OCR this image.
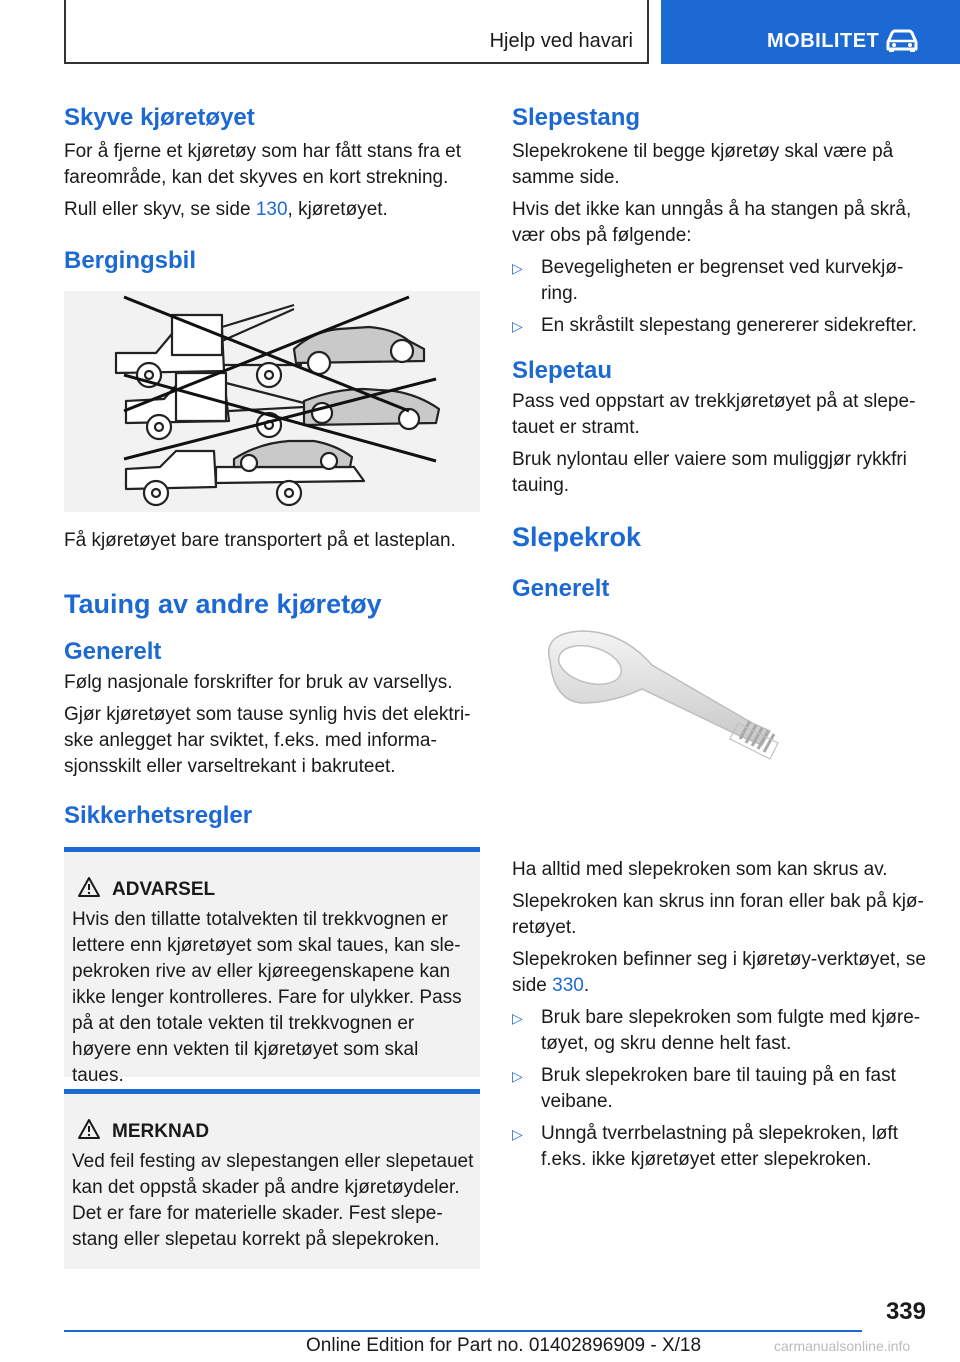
Hjelp ved havari	MOBILITET
Skyve kjøretøyet

For å fjerne et kjøretøy som har fått stans fra et fareområde, kan det skyves en kort strekning.

Rull eller skyv, se side 130, kjøretøyet.

Bergingsbil

Få kjøretøyet bare transportert på et lasteplan.

Tauing av andre kjøretøy
Generelt

Følg nasjonale forskrifter for bruk av varsellys.

Gjør kjøretøyet som tause synlig hvis det elektriske anlegget har sviktet, f.eks. med informasjonsskilt eller varseltrekant i bakruteet.

Sikkerhetsregler
ADVARSEL

Hvis den tillatte totalvekten til trekkvognen er lettere enn kjøretøyet som skal taues, kan slepekroken rive av eller kjøreegenskapene kan ikke lenger kontrolleres. Fare for ulykker. Pass på at den totale vekten til trekkvognen er høyere enn vekten til kjøretøyet som skal taues.

MERKNAD

Ved feil festing av slepestangen eller slepetauet kan det oppstå skader på andre kjøretøydeler. Det er fare for materielle skader. Fest slepestang eller slepetau korrekt på slepekroken.

Slepestang

Slepekrokene til begge kjøretøy skal være på samme side.

Hvis det ikke kan unngås å ha stangen på skrå, vær obs på følgende:

▷ Bevegeligheten er begrenset ved kurvekjøring.
▷ En skråstilt slepestang genererer sidekrefter.
Slepetau

Pass ved oppstart av trekkjøretøyet på at slepetauet er stramt.

Bruk nylontau eller vaiere som muliggjør rykkfri tauing.

Slepekrok
Generelt

Ha alltid med slepekroken som kan skrus av.

Slepekroken kan skrus inn foran eller bak på kjøretøyet.

Slepekroken befinner seg i kjøretøy-verktøyet, se side 330.

▷ Bruk bare slepekroken som fulgte med kjøretøyet, og skru denne helt fast.
▷ Bruk slepekroken bare til tauing på en fast veibane.
▷ Unngå tverrbelastning på slepekroken, løft f.eks. ikke kjøretøyet etter slepekroken.
339
Online Edition for Part no. 01402896909 - X/18	carmanualsonline.info
